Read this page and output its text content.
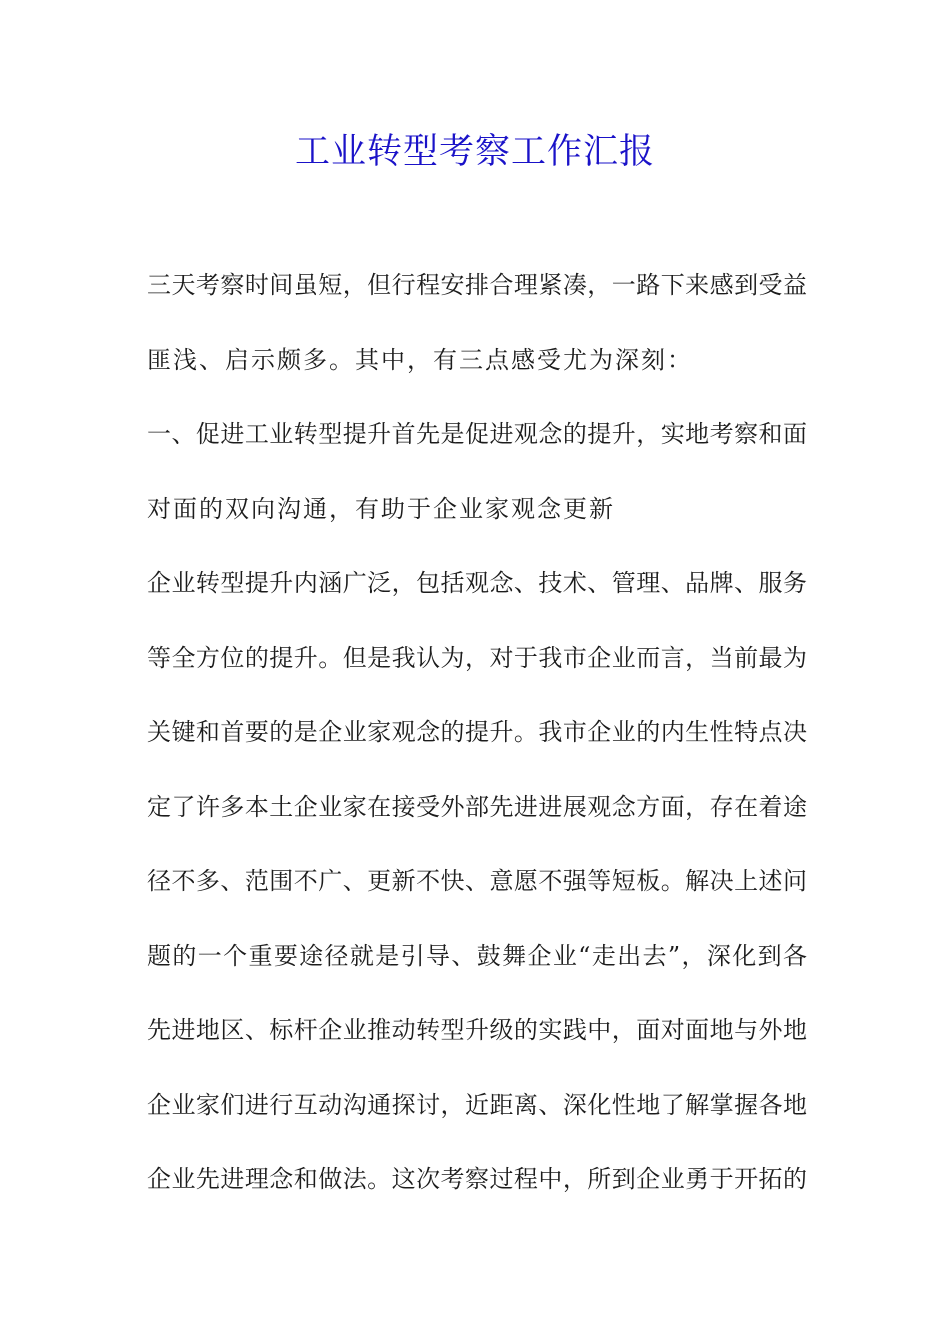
工业转型考察工作汇报
三天考察时间虽短，但行程安排合理紧凑，一路下来感到受益
匪浅、启示颇多。其中，有三点感受尤为深刻：
一、促进工业转型提升首先是促进观念的提升，实地考察和面
对面的双向沟通，有助于企业家观念更新
企业转型提升内涵广泛，包括观念、技术、管理、品牌、服务
等全方位的提升。但是我认为，对于我市企业而言，当前最为
关键和首要的是企业家观念的提升。我市企业的内生性特点决
定了许多本土企业家在接受外部先进进展观念方面，存在着途
径不多、范围不广、更新不快、意愿不强等短板。解决上述问
题的一个重要途径就是引导、鼓舞企业“走出去”，深化到各
先进地区、标杆企业推动转型升级的实践中，面对面地与外地
企业家们进行互动沟通探讨，近距离、深化性地了解掌握各地
企业先进理念和做法。这次考察过程中，所到企业勇于开拓的
